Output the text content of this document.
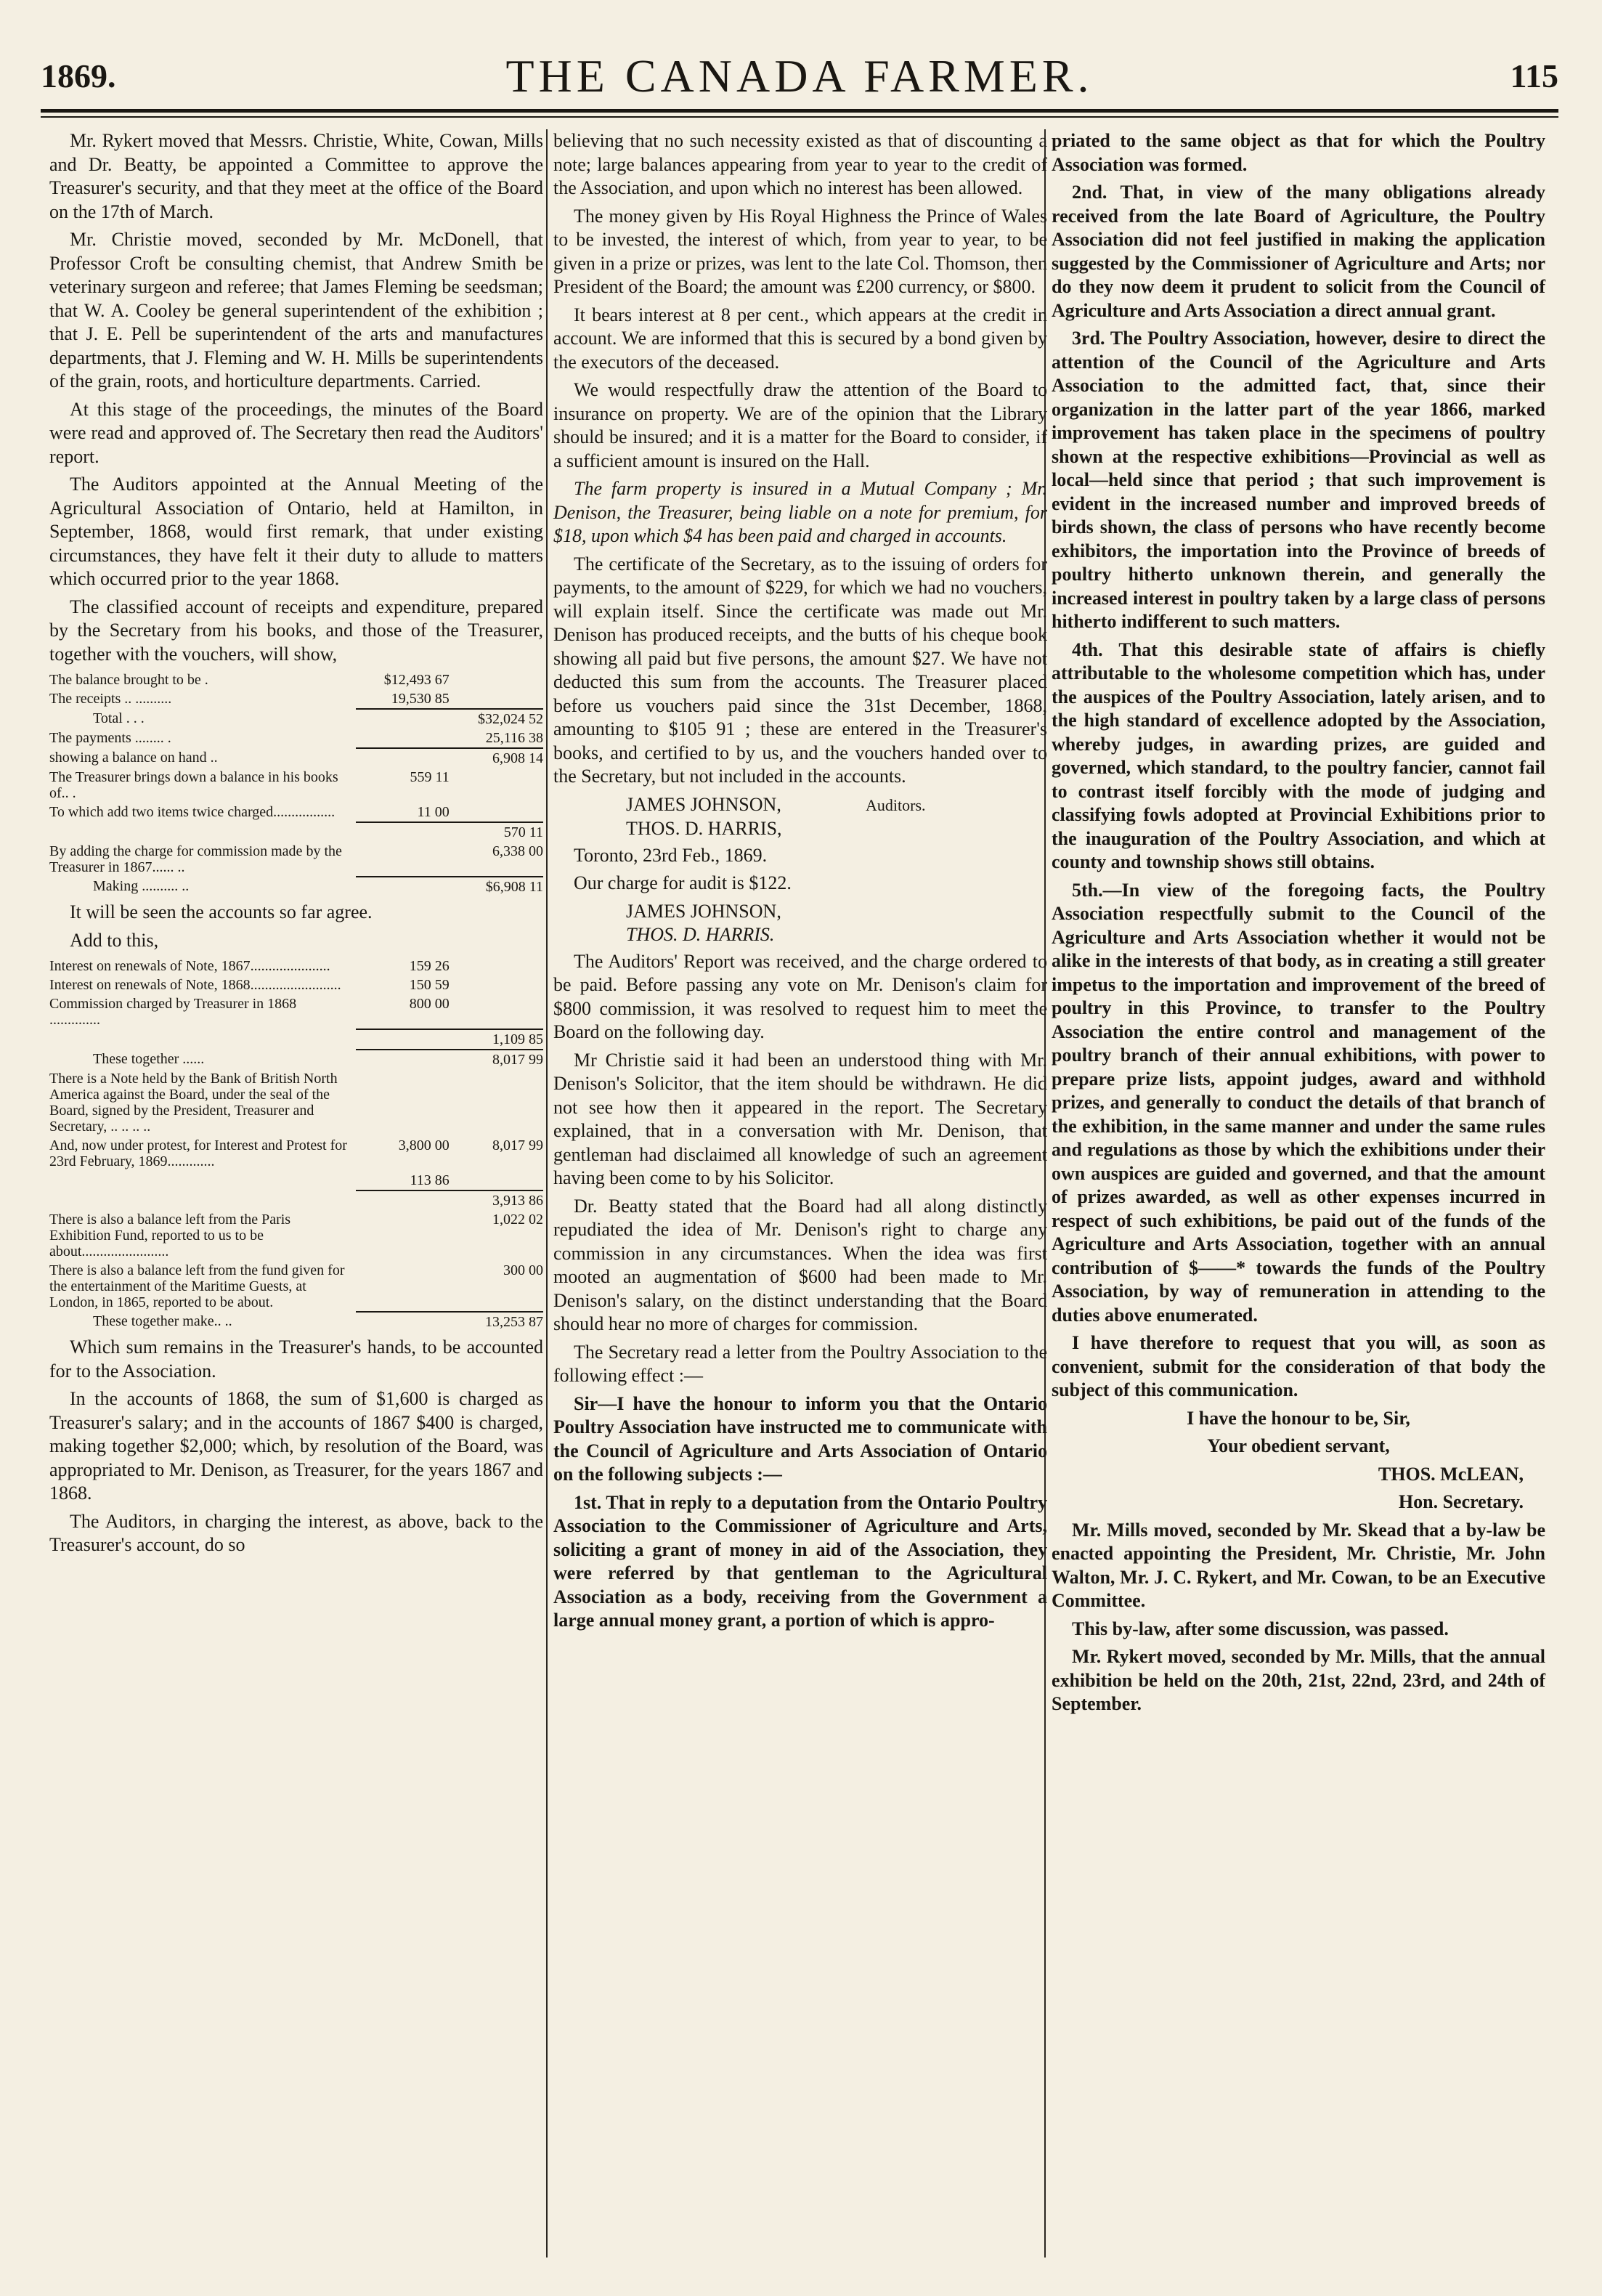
1869.	THE CANADA FARMER.	115

Mr. Rykert moved that Messrs. Christie, White, Cowan, Mills and Dr. Beatty, be appointed a Committee to approve the Treasurer's security, and that they meet at the office of the Board on the 17th of March.

Mr. Christie moved, seconded by Mr. McDonell, that Professor Croft be consulting chemist, that Andrew Smith be veterinary surgeon and referee; that James Fleming be seedsman; that W. A. Cooley be general superintendent of the exhibition ; that J. E. Pell be superintendent of the arts and manufactures departments, that J. Fleming and W. H. Mills be superintendents of the grain, roots, and horticulture departments. Carried.

At this stage of the proceedings, the minutes of the Board were read and approved of. The Secretary then read the Auditors' report.

The Auditors appointed at the Annual Meeting of the Agricultural Association of Ontario, held at Hamilton, in September, 1868, would first remark, that under existing circumstances, they have felt it their duty to allude to matters which occurred prior to the year 1868.

The classified account of receipts and expenditure, prepared by the Secretary from his books, and those of the Treasurer, together with the vouchers, will show,

The balance brought to be .	$12,493 67	
The receipts .. ..........	19,530 85	
Total . . .		$32,024 52
The payments ........ .		25,116 38
showing a balance on hand ..		6,908 14
The Treasurer brings down a balance in his books of.. .	559 11	
To which add two items twice charged.................	11 00	
		570 11
By adding the charge for commission made by the Treasurer in 1867...... ..		6,338 00
Making .......... ..		$6,908 11

It will be seen the accounts so far agree.

Add to this,

Interest on renewals of Note, 1867......................	159 26	
Interest on renewals of Note, 1868.........................	150 59	
Commission charged by Treasurer in 1868 ..............	800 00	
		1,109 85
These together ......		8,017 99
There is a Note held by the Bank of British North America against the Board, under the seal of the Board, signed by the President, Treasurer and Secretary, .. .. .. ..		
And, now under protest, for Interest and Protest for 23rd February, 1869.............	3,800 00	8,017 99
	113 86	
		3,913 86
There is also a balance left from the Paris Exhibition Fund, reported to us to be about........................		1,022 02
There is also a balance left from the fund given for the entertainment of the Maritime Guests, at London, in 1865, reported to be about.		300 00
These together make.. ..		13,253 87

Which sum remains in the Treasurer's hands, to be accounted for to the Association.

In the accounts of 1868, the sum of $1,600 is charged as Treasurer's salary; and in the accounts of 1867 $400 is charged, making together $2,000; which, by resolution of the Board, was appropriated to Mr. Denison, as Treasurer, for the years 1867 and 1868.

The Auditors, in charging the interest, as above, back to the Treasurer's account, do so

believing that no such necessity existed as that of discounting a note; large balances appearing from year to year to the credit of the Association, and upon which no interest has been allowed.

The money given by His Royal Highness the Prince of Wales to be invested, the interest of which, from year to year, to be given in a prize or prizes, was lent to the late Col. Thomson, then President of the Board; the amount was £200 currency, or $800.

It bears interest at 8 per cent., which appears at the credit in account. We are informed that this is secured by a bond given by the executors of the deceased.

We would respectfully draw the attention of the Board to insurance on property. We are of the opinion that the Library should be insured; and it is a matter for the Board to consider, if a sufficient amount is insured on the Hall.

The farm property is insured in a Mutual Company ; Mr. Denison, the Treasurer, being liable on a note for premium, for $18, upon which $4 has been paid and charged in accounts.

The certificate of the Secretary, as to the issuing of orders for payments, to the amount of $229, for which we had no vouchers, will explain itself. Since the certificate was made out Mr. Denison has produced receipts, and the butts of his cheque book showing all paid but five persons, the amount $27. We have not deducted this sum from the accounts. The Treasurer placed before us vouchers paid since the 31st December, 1868, amounting to $105 91 ; these are entered in the Treasurer's books, and certified to by us, and the vouchers handed over to the Secretary, but not included in the accounts.

JAMES JOHNSON,	Auditors.
THOS. D. HARRIS,

Toronto, 23rd Feb., 1869.

Our charge for audit is $122.

JAMES JOHNSON,
THOS. D. HARRIS.

The Auditors' Report was received, and the charge ordered to be paid. Before passing any vote on Mr. Denison's claim for $800 commission, it was resolved to request him to meet the Board on the following day.

Mr Christie said it had been an understood thing with Mr. Denison's Solicitor, that the item should be withdrawn. He did not see how then it appeared in the report. The Secretary explained, that in a conversation with Mr. Denison, that gentleman had disclaimed all knowledge of such an agreement having been come to by his Solicitor.

Dr. Beatty stated that the Board had all along distinctly repudiated the idea of Mr. Denison's right to charge any commission in any circumstances. When the idea was first mooted an augmentation of $600 had been made to Mr. Denison's salary, on the distinct understanding that the Board should hear no more of charges for commission.

The Secretary read a letter from the Poultry Association to the following effect :—

Sir—I have the honour to inform you that the Ontario Poultry Association have instructed me to communicate with the Council of Agriculture and Arts Association of Ontario on the following subjects :—

1st. That in reply to a deputation from the Ontario Poultry Association to the Commissioner of Agriculture and Arts, soliciting a grant of money in aid of the Association, they were referred by that gentleman to the Agricultural Association as a body, receiving from the Government a large annual money grant, a portion of which is appro-

priated to the same object as that for which the Poultry Association was formed.

2nd. That, in view of the many obligations already received from the late Board of Agriculture, the Poultry Association did not feel justified in making the application suggested by the Commissioner of Agriculture and Arts; nor do they now deem it prudent to solicit from the Council of Agriculture and Arts Association a direct annual grant.

3rd. The Poultry Association, however, desire to direct the attention of the Council of the Agriculture and Arts Association to the admitted fact, that, since their organization in the latter part of the year 1866, marked improvement has taken place in the specimens of poultry shown at the respective exhibitions—Provincial as well as local—held since that period ; that such improvement is evident in the increased number and improved breeds of birds shown, the class of persons who have recently become exhibitors, the importation into the Province of breeds of poultry hitherto unknown therein, and generally the increased interest in poultry taken by a large class of persons hitherto indifferent to such matters.

4th. That this desirable state of affairs is chiefly attributable to the wholesome competition which has, under the auspices of the Poultry Association, lately arisen, and to the high standard of excellence adopted by the Association, whereby judges, in awarding prizes, are guided and governed, which standard, to the poultry fancier, cannot fail to contrast itself forcibly with the mode of judging and classifying fowls adopted at Provincial Exhibitions prior to the inauguration of the Poultry Association, and which at county and township shows still obtains.

5th.—In view of the foregoing facts, the Poultry Association respectfully submit to the Council of the Agriculture and Arts Association whether it would not be alike in the interests of that body, as in creating a still greater impetus to the importation and improvement of the breed of poultry in this Province, to transfer to the Poultry Association the entire control and management of the poultry branch of their annual exhibitions, with power to prepare prize lists, appoint judges, award and withhold prizes, and generally to conduct the details of that branch of the exhibition, in the same manner and under the same rules and regulations as those by which the exhibitions under their own auspices are guided and governed, and that the amount of prizes awarded, as well as other expenses incurred in respect of such exhibitions, be paid out of the funds of the Agriculture and Arts Association, together with an annual contribution of $——* towards the funds of the Poultry Association, by way of remuneration in attending to the duties above enumerated.

I have therefore to request that you will, as soon as convenient, submit for the consideration of that body the subject of this communication.

I have the honour to be, Sir,

Your obedient servant,

THOS. McLEAN,

Hon. Secretary.

Mr. Mills moved, seconded by Mr. Skead that a by-law be enacted appointing the President, Mr. Christie, Mr. John Walton, Mr. J. C. Rykert, and Mr. Cowan, to be an Executive Committee.

This by-law, after some discussion, was passed.

Mr. Rykert moved, seconded by Mr. Mills, that the annual exhibition be held on the 20th, 21st, 22nd, 23rd, and 24th of September.
